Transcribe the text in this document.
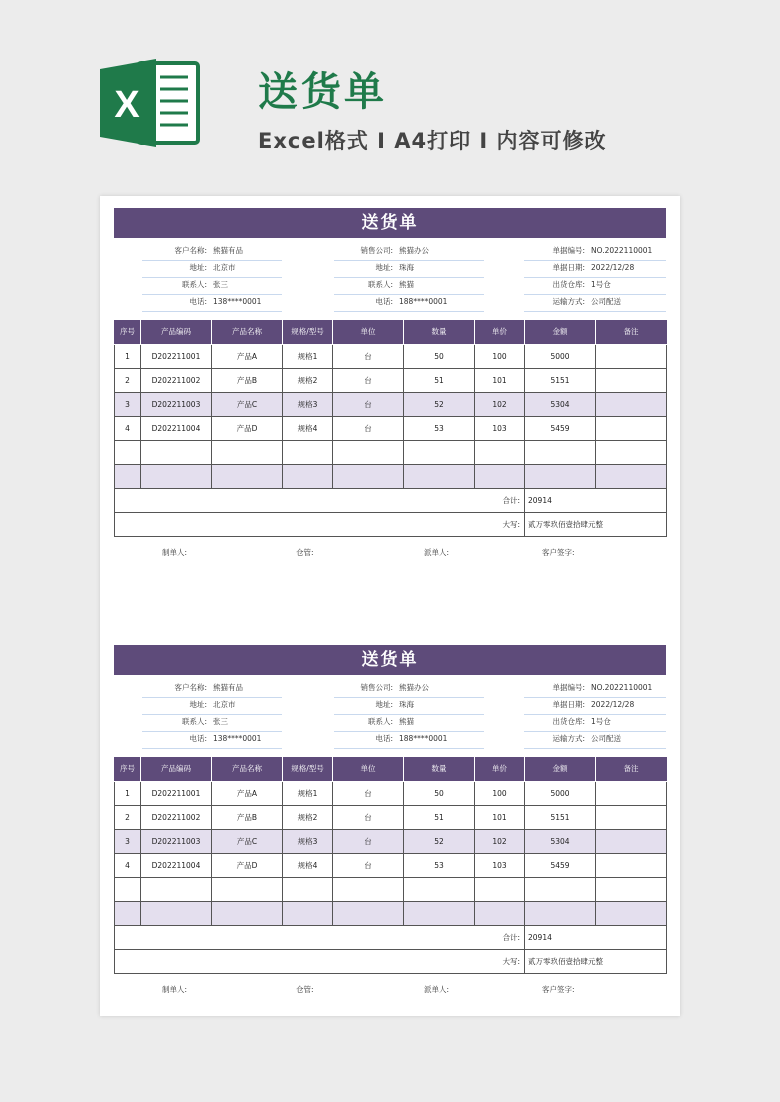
X	送货单
Excel格式 I A4打印 I 内容可修改
送货单
客户名称: 熊猫有品
地址: 北京市
联系人: 张三
电话: 138****0001
销售公司: 熊猫办公
地址: 珠海
联系人: 熊猫
电话: 188****0001
单据编号: NO.2022110001
单据日期: 2022/12/28
出货仓库: 1号仓
运输方式: 公司配送
序号	产品编码	产品名称	规格/型号	单位	数量	单价	金额	备注
1	D202211001	产品A	规格1	台	50	100	5000	
2	D202211002	产品B	规格2	台	51	101	5151	
3	D202211003	产品C	规格3	台	52	102	5304	
4	D202211004	产品D	规格4	台	53	103	5459	

合计:							20914	
大写:							贰万零玖佰壹拾肆元整	
制单人:	仓管:	派单人:	客户签字:
送货单
客户名称: 熊猫有品
地址: 北京市
联系人: 张三
电话: 138****0001
销售公司: 熊猫办公
地址: 珠海
联系人: 熊猫
电话: 188****0001
单据编号: NO.2022110001
单据日期: 2022/12/28
出货仓库: 1号仓
运输方式: 公司配送
序号	产品编码	产品名称	规格/型号	单位	数量	单价	金额	备注
1	D202211001	产品A	规格1	台	50	100	5000	
2	D202211002	产品B	规格2	台	51	101	5151	
3	D202211003	产品C	规格3	台	52	102	5304	
4	D202211004	产品D	规格4	台	53	103	5459	

合计:							20914	
大写:							贰万零玖佰壹拾肆元整	
制单人:	仓管:	派单人:	客户签字:
